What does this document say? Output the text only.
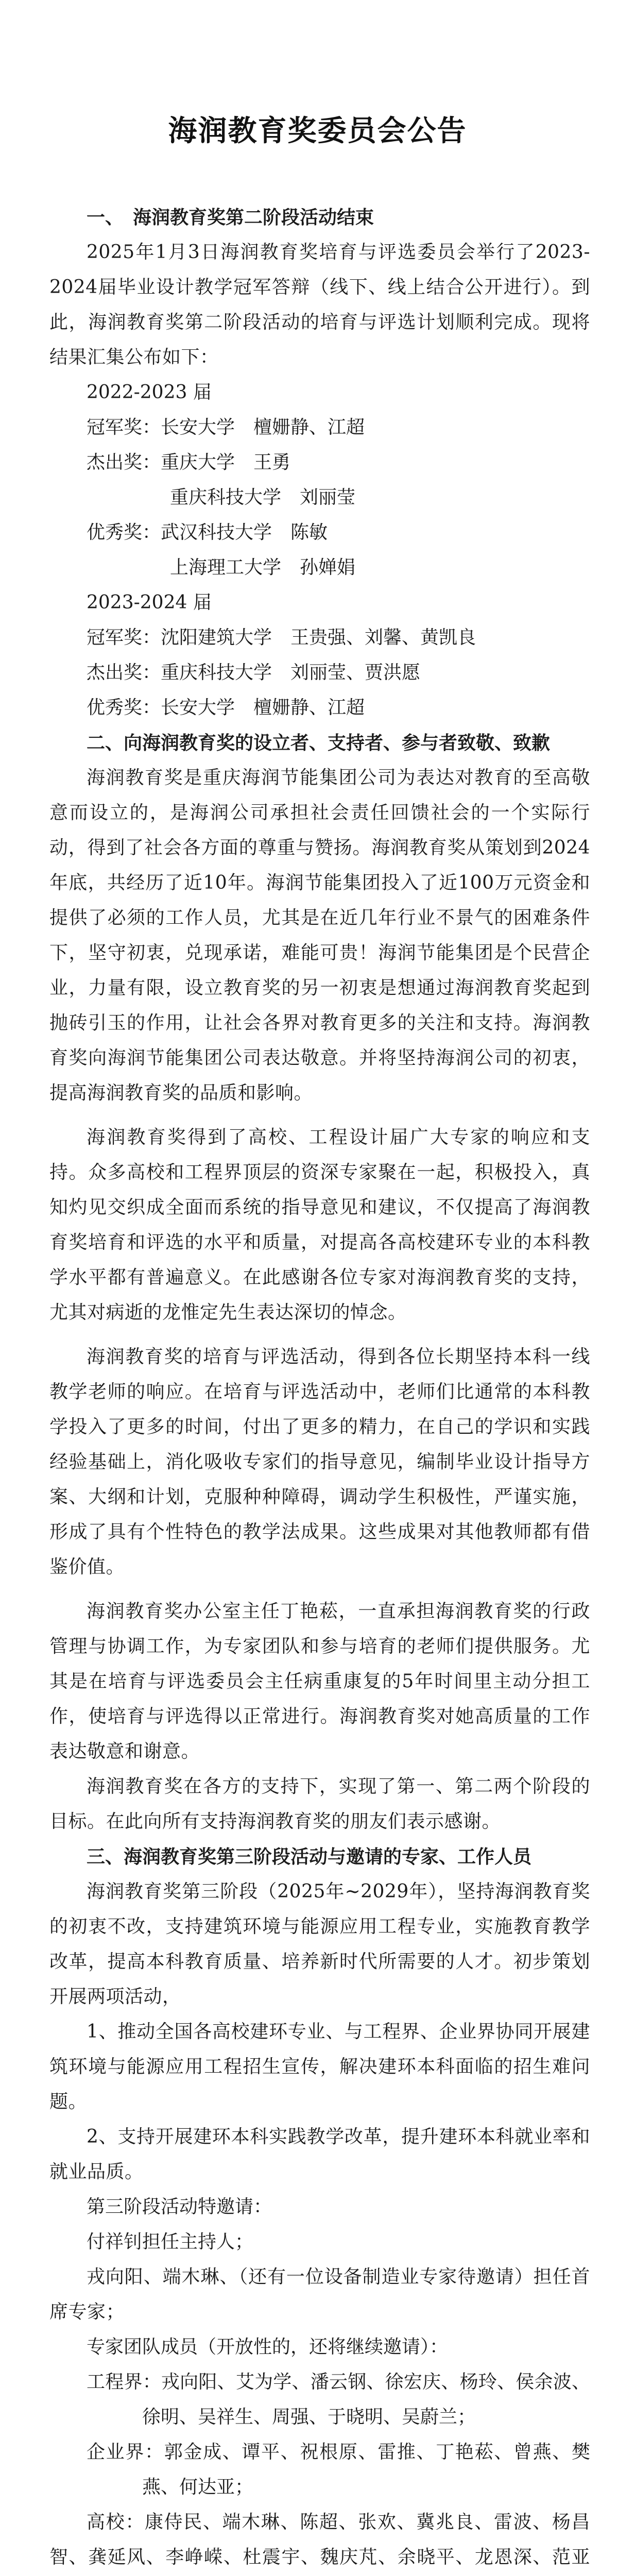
海润教育奖委员会公告

一、　海润教育奖第二阶段活动结束

2025年1月3日海润教育奖培育与评选委员会举行了2023-2024届毕业设计教学冠军答辩（线下、线上结合公开进行）。到此，海润教育奖第二阶段活动的培育与评选计划顺利完成。现将结果汇集公布如下：

2022-2023 届

冠军奖：长安大学　檀姗静、江超

杰出奖：重庆大学　王勇

重庆科技大学　刘丽莹

优秀奖：武汉科技大学　陈敏

上海理工大学　孙婵娟

2023-2024 届

冠军奖：沈阳建筑大学　王贵强、刘馨、黄凯良

杰出奖：重庆科技大学　刘丽莹、贾洪愿

优秀奖：长安大学　檀姗静、江超

二、向海润教育奖的设立者、支持者、参与者致敬、致歉

海润教育奖是重庆海润节能集团公司为表达对教育的至高敬意而设立的，是海润公司承担社会责任回馈社会的一个实际行动，得到了社会各方面的尊重与赞扬。海润教育奖从策划到2024年底，共经历了近10年。海润节能集团投入了近100万元资金和提供了必须的工作人员，尤其是在近几年行业不景气的困难条件下，坚守初衷，兑现承诺，难能可贵！海润节能集团是个民营企业，力量有限，设立教育奖的另一初衷是想通过海润教育奖起到抛砖引玉的作用，让社会各界对教育更多的关注和支持。海润教育奖向海润节能集团公司表达敬意。并将坚持海润公司的初衷，提高海润教育奖的品质和影响。

海润教育奖得到了高校、工程设计届广大专家的响应和支持。众多高校和工程界顶层的资深专家聚在一起，积极投入，真知灼见交织成全面而系统的指导意见和建议，不仅提高了海润教育奖培育和评选的水平和质量，对提高各高校建环专业的本科教学水平都有普遍意义。在此感谢各位专家对海润教育奖的支持，尤其对病逝的龙惟定先生表达深切的悼念。

海润教育奖的培育与评选活动，得到各位长期坚持本科一线教学老师的响应。在培育与评选活动中，老师们比通常的本科教学投入了更多的时间，付出了更多的精力，在自己的学识和实践经验基础上，消化吸收专家们的指导意见，编制毕业设计指导方案、大纲和计划，克服种种障碍，调动学生积极性，严谨实施，形成了具有个性特色的教学法成果。这些成果对其他教师都有借鉴价值。

海润教育奖办公室主任丁艳菘，一直承担海润教育奖的行政管理与协调工作，为专家团队和参与培育的老师们提供服务。尤其是在培育与评选委员会主任病重康复的5年时间里主动分担工作，使培育与评选得以正常进行。海润教育奖对她高质量的工作表达敬意和谢意。

海润教育奖在各方的支持下，实现了第一、第二两个阶段的目标。在此向所有支持海润教育奖的朋友们表示感谢。

三、海润教育奖第三阶段活动与邀请的专家、工作人员

海润教育奖第三阶段（2025年~2029年），坚持海润教育奖的初衷不改，支持建筑环境与能源应用工程专业，实施教育教学改革，提高本科教育质量、培养新时代所需要的人才。初步策划开展两项活动，

1、推动全国各高校建环专业、与工程界、企业界协同开展建筑环境与能源应用工程招生宣传，解决建环本科面临的招生难问题。

2、支持开展建环本科实践教学改革，提升建环本科就业率和就业品质。

第三阶段活动特邀请：

付祥钊担任主持人；

戎向阳、端木琳、（还有一位设备制造业专家待邀请）担任首席专家；

专家团队成员（开放性的，还将继续邀请）：

工程界：戎向阳、艾为学、潘云钢、徐宏庆、杨玲、侯余波、徐明、吴祥生、周强、于晓明、吴蔚兰；

企业界：郭金成、谭平、祝根原、雷推、丁艳菘、曾燕、樊燕、何达亚；

高校：康侍民、端木琳、陈超、张欢、冀兆良、雷波、杨昌智、龚延风、李峥嵘、杜震宇、魏庆芃、余晓平、龙恩深、范亚
